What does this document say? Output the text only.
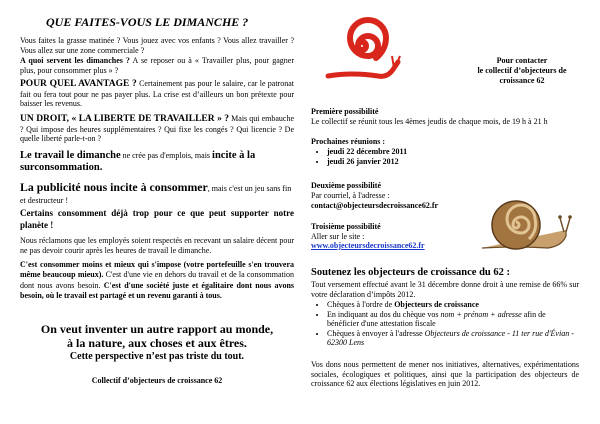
QUE FAITES-VOUS LE DIMANCHE ?

Vous faites la grasse matinée ? Vous jouez avec vos enfants ? Vous allez travailler ? Vous allez sur une zone commerciale ?

A quoi servent les dimanches ? A se reposer ou à « Travailler plus, pour gagner plus, pour consommer plus » ?

POUR QUEL AVANTAGE ? Certainement pas pour le salaire, car le patronat fait ou fera tout pour ne pas payer plus. La crise est d’ailleurs un bon prétexte pour baisser les revenus.

UN DROIT, « LA LIBERTE DE TRAVAILLER » ? Mais qui embauche ? Qui impose des heures supplémentaires ? Qui fixe les congés ? Qui licencie ? De quelle liberté parle-t-on ?

Le travail le dimanche ne crée pas d'emplois, mais incite à la surconsommation.

La publicité nous incite à consommer, mais c'est un jeu sans fin et destructeur !

Certains consomment déjà trop pour ce que peut supporter notre planète !

Nous réclamons que les employés soient respectés en recevant un salaire décent pour ne pas devoir courir après les heures de travail le dimanche.

C'est consommer moins et mieux qui s'impose (votre portefeuille s'en trouvera même beaucoup mieux). C'est d'une vie en dehors du travail et de la consommation dont nous avons besoin. C'est d'une société juste et égalitaire dont nous avons besoin, où le travail est partagé et un revenu garanti à tous.

On veut inventer un autre rapport au monde,

à la nature, aux choses et aux êtres.

Cette perspective n’est pas triste du tout.

Collectif d’objecteurs de croissance 62

Pour contacter
le collectif d’objecteurs de
croissance 62

Première possibilité

Le collectif se réunit tous les 4èmes jeudis de chaque mois, de 19 h à 21 h

Prochaines réunions :

• jeudi 22 décembre 2011
• jeudi 26 janvier 2012

Deuxième possibilité

Par courriel, à l'adresse :

contact@objecteursdecroissance62.fr

Troisième possibilité

Aller sur le site :

www.objecteursdecroissance62.fr

Soutenez les objecteurs de croissance du 62 :

Tout versement effectué avant le 31 décembre donne droit à une remise de 66% sur votre déclaration d’impôts 2012.

• Chèques à l'ordre de Objecteurs de croissance
• En indiquant au dos du chèque vos nom + prénom + adresse afin de bénéficier d'une attestation fiscale
• Chèques à envoyer à l'adresse Objecteurs de croissance - 11 ter rue d'Évian - 62300 Lens

Vos dons nous permettent de mener nos initiatives, alternatives, expérimentations sociales, écologiques et politiques, ainsi que la participation des objecteurs de croissance 62 aux élections législatives en juin 2012.
